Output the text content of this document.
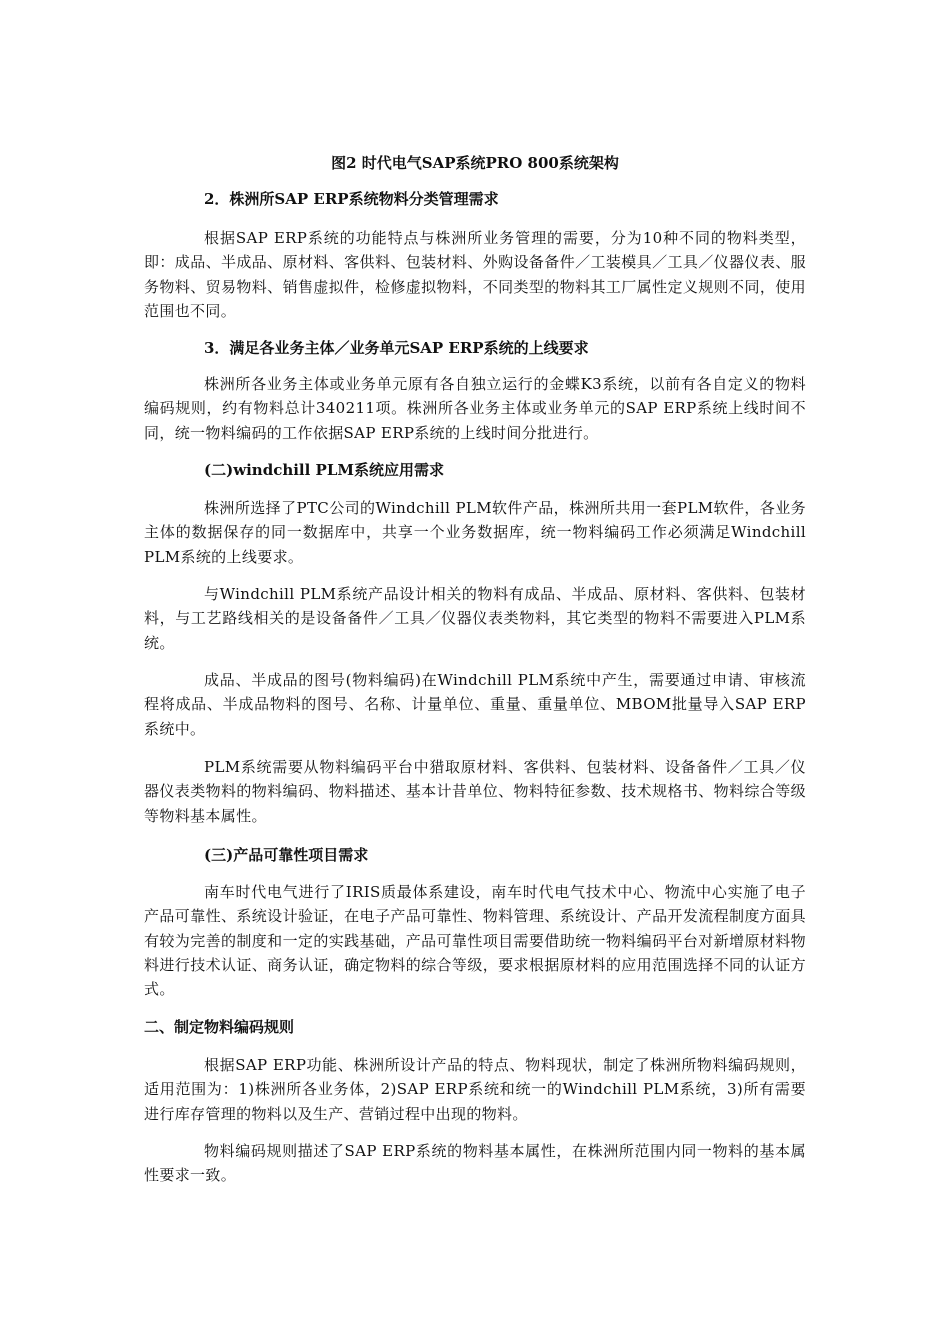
图2 时代电气SAP系统PRO 800系统架构
2．株洲所SAP ERP系统物料分类管理需求
根据SAP ERP系统的功能特点与株洲所业务管理的需要，分为10种不同的物料类型，即：成品、半成品、原材料、客供料、包装材料、外购设备备件／工装模具／工具／仪器仪表、服务物料、贸易物料、销售虚拟件，检修虚拟物料，不同类型的物料其工厂属性定义规则不同，使用范围也不同。
3．满足各业务主体／业务单元SAP ERP系统的上线要求
株洲所各业务主体或业务单元原有各自独立运行的金蝶K3系统，以前有各自定义的物料编码规则，约有物料总计340211项。株洲所各业务主体或业务单元的SAP ERP系统上线时间不同，统一物料编码的工作依据SAP ERP系统的上线时间分批进行。
(二)windchill PLM系统应用需求
株洲所选择了PTC公司的Windchill PLM软件产品，株洲所共用一套PLM软件，各业务主体的数据保存的同一数据库中，共享一个业务数据库，统一物料编码工作必须满足Windchill PLM系统的上线要求。
与Windchill PLM系统产品设计相关的物料有成品、半成品、原材料、客供料、包装材料，与工艺路线相关的是设备备件／工具／仪器仪表类物料，其它类型的物料不需要进入PLM系统。
成品、半成品的图号(物料编码)在Windchill PLM系统中产生，需要通过申请、审核流程将成品、半成品物料的图号、名称、计量单位、重量、重量单位、MBOM批量导入SAP ERP系统中。
PLM系统需要从物料编码平台中猎取原材料、客供料、包装材料、设备备件／工具／仪器仪表类物料的物料编码、物料描述、基本计昔单位、物料特征参数、技术规格书、物料综合等级等物料基本属性。
(三)产品可靠性项目需求
南车时代电气进行了IRIS质最体系建设，南车时代电气技术中心、物流中心实施了电子产品可靠性、系统设计验证，在电子产品可靠性、物料管理、系统设计、产品开发流程制度方面具有较为完善的制度和一定的实践基础，产品可靠性项目需要借助统一物料编码平台对新增原材料物料进行技术认证、商务认证，确定物料的综合等级，要求根据原材料的应用范围选择不同的认证方式。
二、制定物料编码规则
根据SAP ERP功能、株洲所设计产品的特点、物料现状，制定了株洲所物料编码规则，适用范围为：1)株洲所各业务体，2)SAP ERP系统和统一的Windchill PLM系统，3)所有需要进行库存管理的物料以及生产、营销过程中出现的物料。
物料编码规则描述了SAP ERP系统的物料基本属性，在株洲所范围内同一物料的基本属性要求一致。
